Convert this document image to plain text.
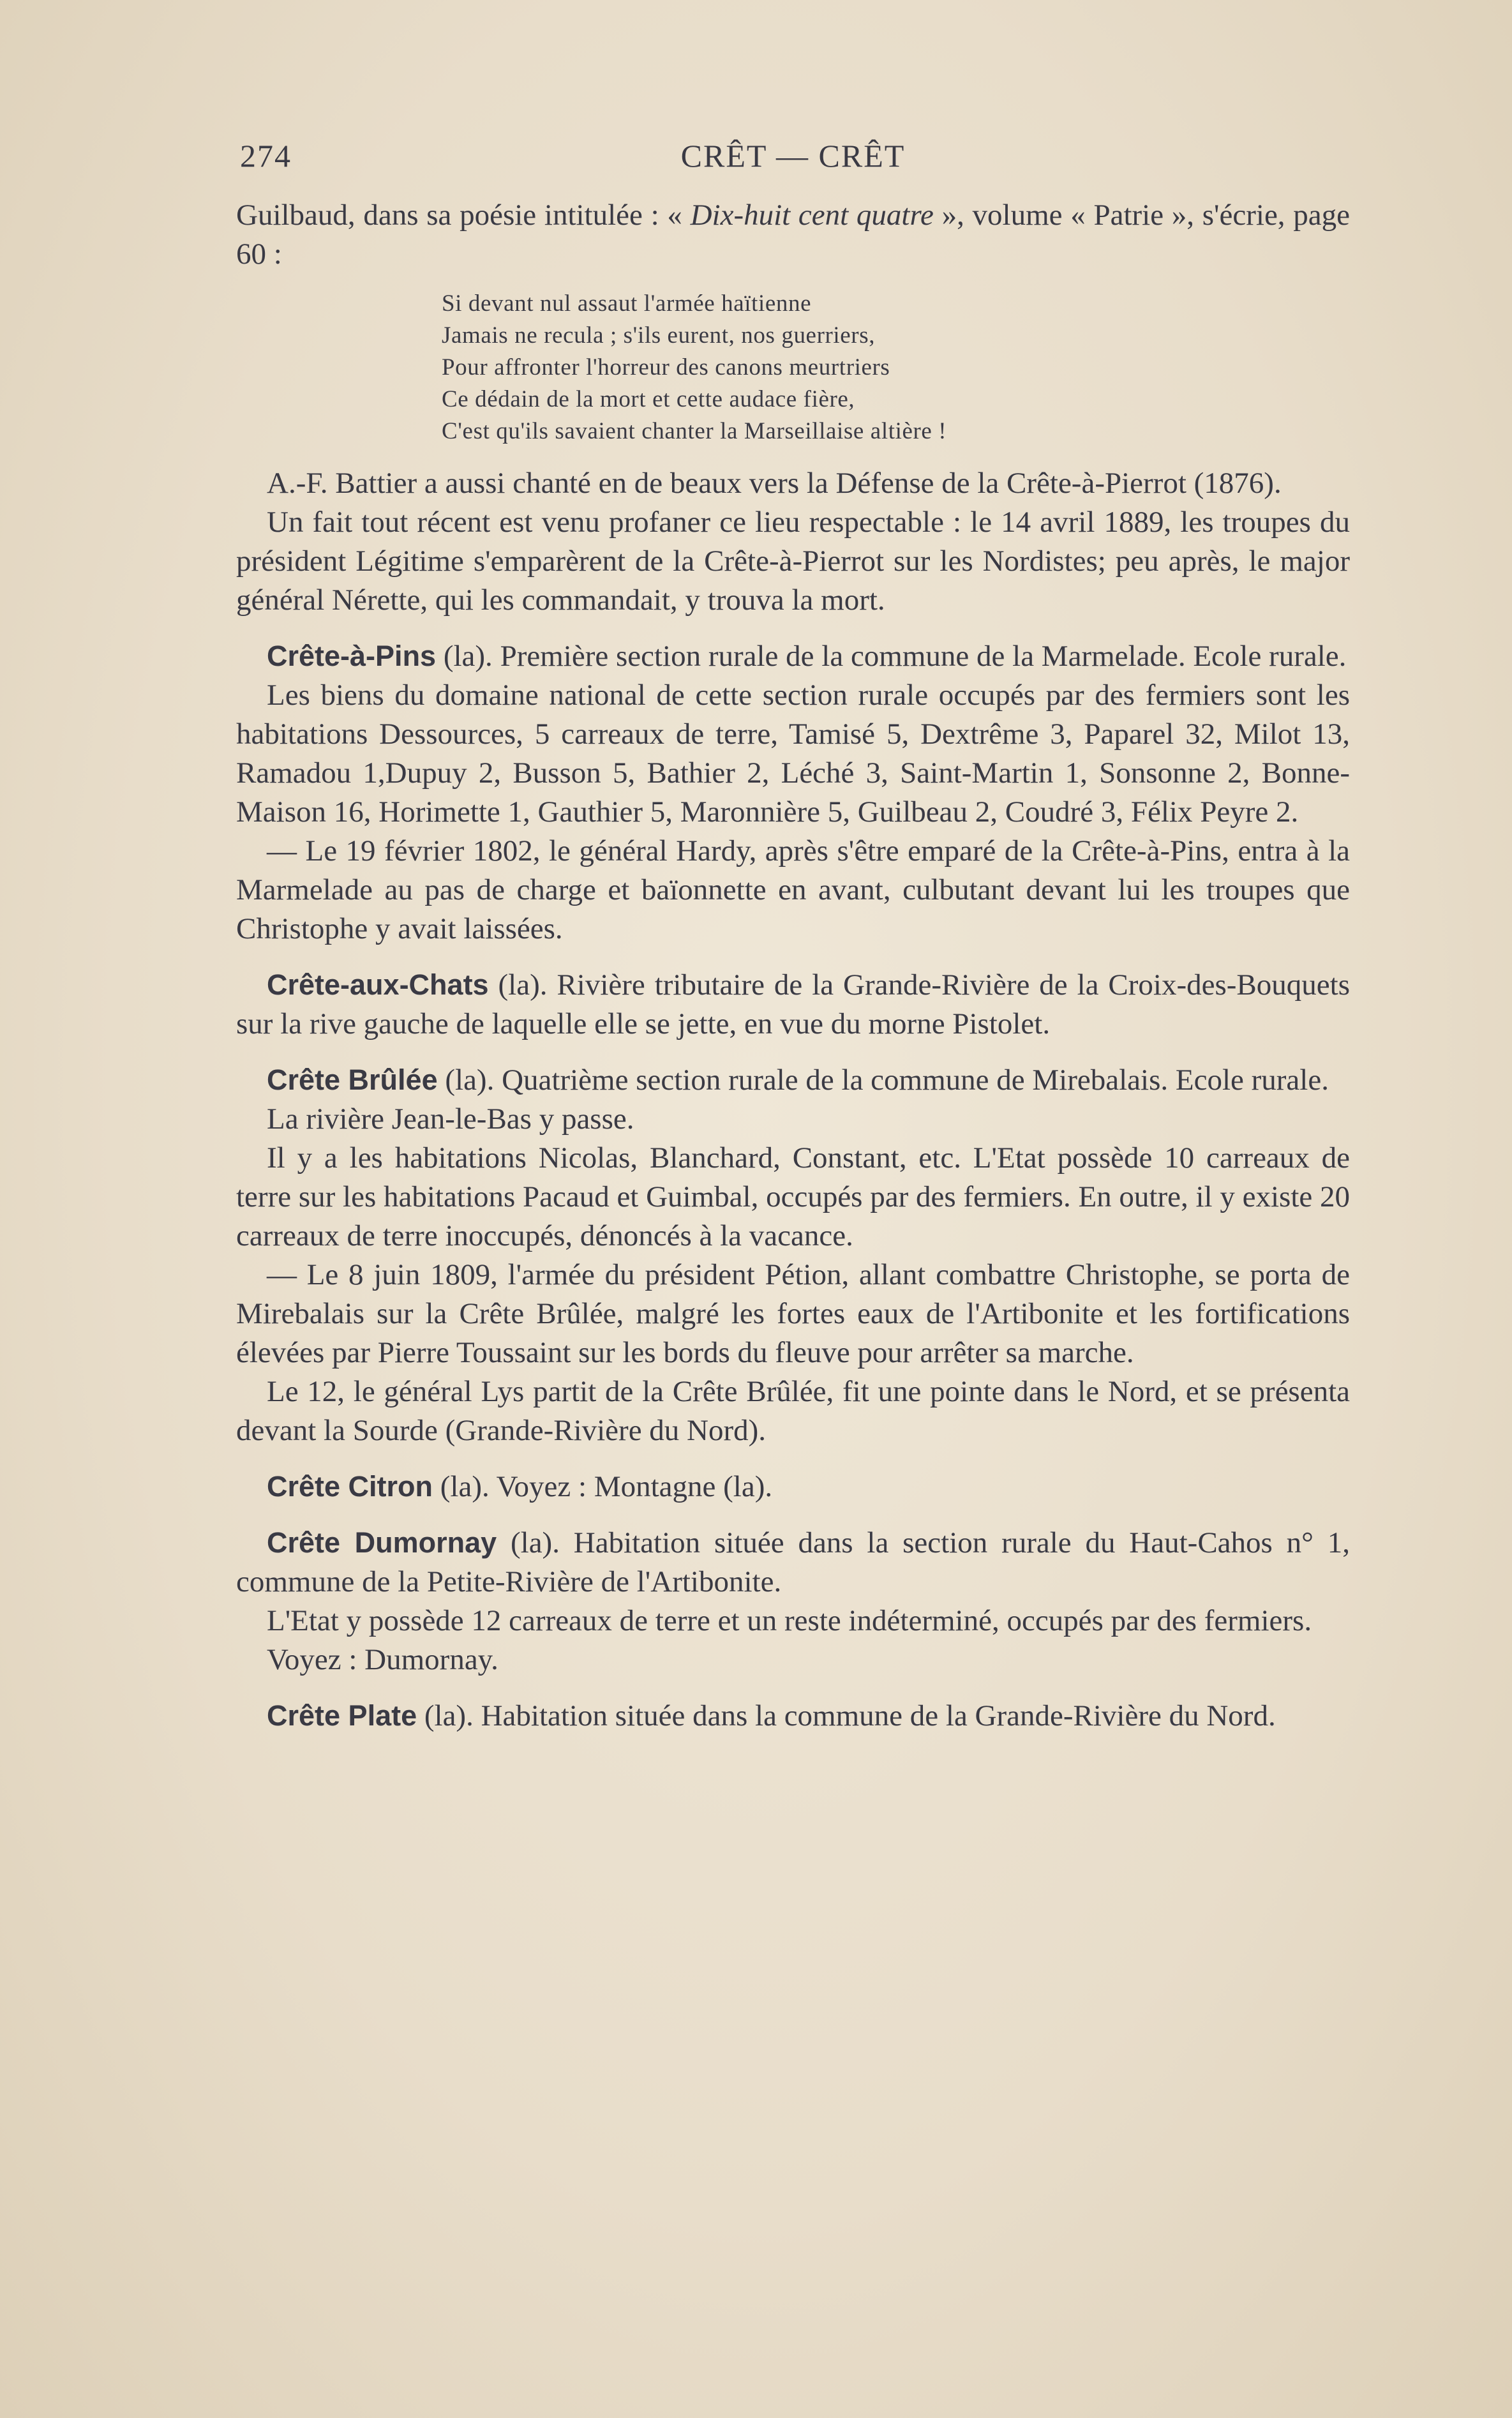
274	CRÊT — CRÊT

Guilbaud, dans sa poésie intitulée : « Dix-huit cent quatre », volume « Patrie », s'écrie, page 60 :

Si devant nul assaut l'armée haïtienne
Jamais ne recula ; s'ils eurent, nos guerriers,
Pour affronter l'horreur des canons meurtriers
Ce dédain de la mort et cette audace fière,
C'est qu'ils savaient chanter la Marseillaise altière !

A.-F. Battier a aussi chanté en de beaux vers la Défense de la Crête-à-Pierrot (1876).

Un fait tout récent est venu profaner ce lieu respectable : le 14 avril 1889, les troupes du président Légitime s'emparèrent de la Crête-à-Pierrot sur les Nordistes; peu après, le major général Nérette, qui les commandait, y trouva la mort.

Crête-à-Pins (la). Première section rurale de la commune de la Marmelade. Ecole rurale.

Les biens du domaine national de cette section rurale occupés par des fermiers sont les habitations Dessources, 5 carreaux de terre, Tamisé 5, Dextrême 3, Paparel 32, Milot 13, Ramadou 1,Dupuy 2, Busson 5, Bathier 2, Léché 3, Saint-Martin 1, Sonsonne 2, Bonne-Maison 16, Horimette 1, Gauthier 5, Maronnière 5, Guilbeau 2, Coudré 3, Félix Peyre 2.

— Le 19 février 1802, le général Hardy, après s'être emparé de la Crête-à-Pins, entra à la Marmelade au pas de charge et baïonnette en avant, culbutant devant lui les troupes que Christophe y avait laissées.

Crête-aux-Chats (la). Rivière tributaire de la Grande-Rivière de la Croix-des-Bouquets sur la rive gauche de laquelle elle se jette, en vue du morne Pistolet.

Crête Brûlée (la). Quatrième section rurale de la commune de Mirebalais. Ecole rurale.

La rivière Jean-le-Bas y passe.

Il y a les habitations Nicolas, Blanchard, Constant, etc. L'Etat possède 10 carreaux de terre sur les habitations Pacaud et Guimbal, occupés par des fermiers. En outre, il y existe 20 carreaux de terre inoccupés, dénoncés à la vacance.

— Le 8 juin 1809, l'armée du président Pétion, allant combattre Christophe, se porta de Mirebalais sur la Crête Brûlée, malgré les fortes eaux de l'Artibonite et les fortifications élevées par Pierre Toussaint sur les bords du fleuve pour arrêter sa marche.

Le 12, le général Lys partit de la Crête Brûlée, fit une pointe dans le Nord, et se présenta devant la Sourde (Grande-Rivière du Nord).

Crête Citron (la). Voyez : Montagne (la).

Crête Dumornay (la). Habitation située dans la section rurale du Haut-Cahos n° 1, commune de la Petite-Rivière de l'Artibonite.

L'Etat y possède 12 carreaux de terre et un reste indéterminé, occupés par des fermiers.

Voyez : Dumornay.

Crête Plate (la). Habitation située dans la commune de la Grande-Rivière du Nord.
